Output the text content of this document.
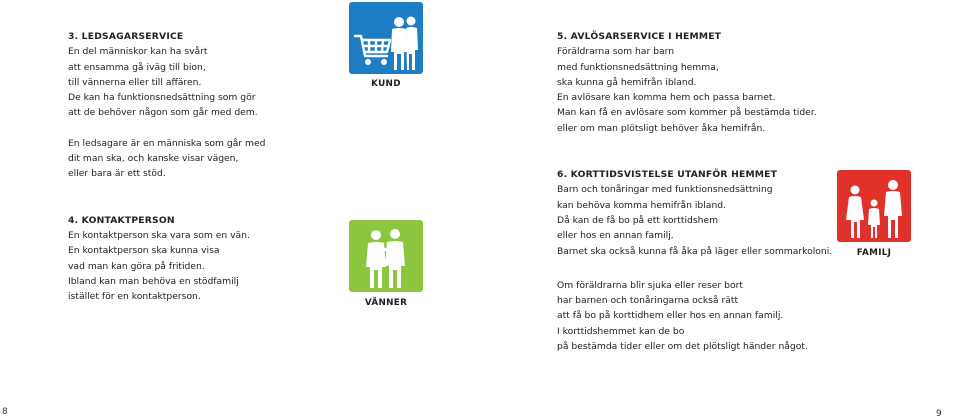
3. LEDSAGARSERVICE
En del människor kan ha svårt
att ensamma gå iväg till bion,
till vännerna eller till affären.
De kan ha funktionsnedsättning som gör
att de behöver någon som går med dem.
En ledsagare är en människa som går med
dit man ska, och kanske visar vägen,
eller bara är ett stöd.
4. KONTAKTPERSON
En kontaktperson ska vara som en vän.
En kontaktperson ska kunna visa
vad man kan göra på fritiden.
Ibland kan man behöva en stödfamilj
istället för en kontaktperson.
KUND
VÄNNER
5. AVLÖSARSERVICE I HEMMET
Föräldrarna som har barn
med funktionsnedsättning hemma,
ska kunna gå hemifrån ibland.
En avlösare kan komma hem och passa barnet.
Man kan få en avlösare som kommer på bestämda tider.
eller om man plötsligt behöver åka hemifrån.
6. KORTTIDSVISTELSE UTANFÖR HEMMET
Barn och tonåringar med funktionsnedsättning
kan behöva komma hemifrån ibland.
Då kan de få bo på ett korttidshem
eller hos en annan familj.
Barnet ska också kunna få åka på läger eller sommarkoloni.
Om föräldrarna blir sjuka eller reser bort
har barnen och tonåringarna också rätt
att få bo på korttidhem eller hos en annan familj.
I korttidshemmet kan de bo
på bestämda tider eller om det plötsligt händer något.
FAMILJ
8	9
